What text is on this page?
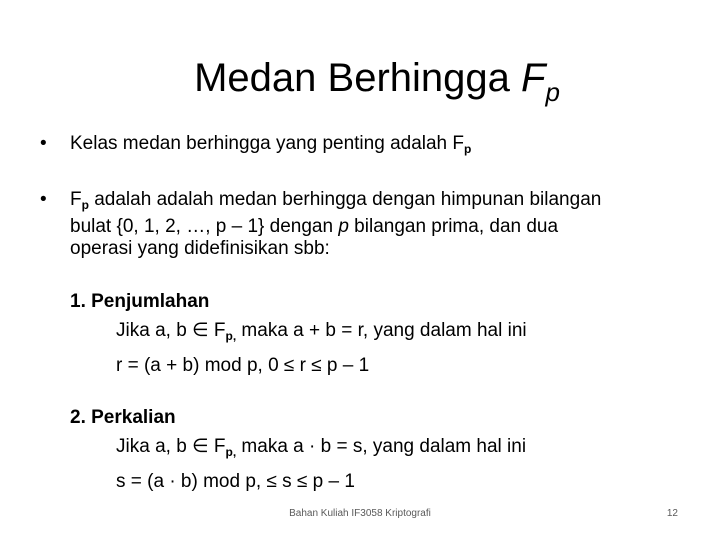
Medan Berhingga $F_p$
• Kelas medan berhingga yang penting adalah $F_p$
• $F_p$ adalah adalah medan berhingga dengan himpunan bilangan
bulat {0, 1, 2, …, p – 1} dengan p bilangan prima, dan dua
operasi yang didefinisikan sbb:
1. Penjumlahan
Jika a, b ∈ $F_{p,}$ maka a + b = r, yang dalam hal ini
r = (a + b) mod p, 0 ≤ r ≤ p – 1
2. Perkalian
Jika a, b ∈ $F_{p,}$ maka a · b = s, yang dalam hal ini
s = (a · b) mod p, ≤ s ≤ p – 1
Bahan Kuliah IF3058 Kriptografi	12
